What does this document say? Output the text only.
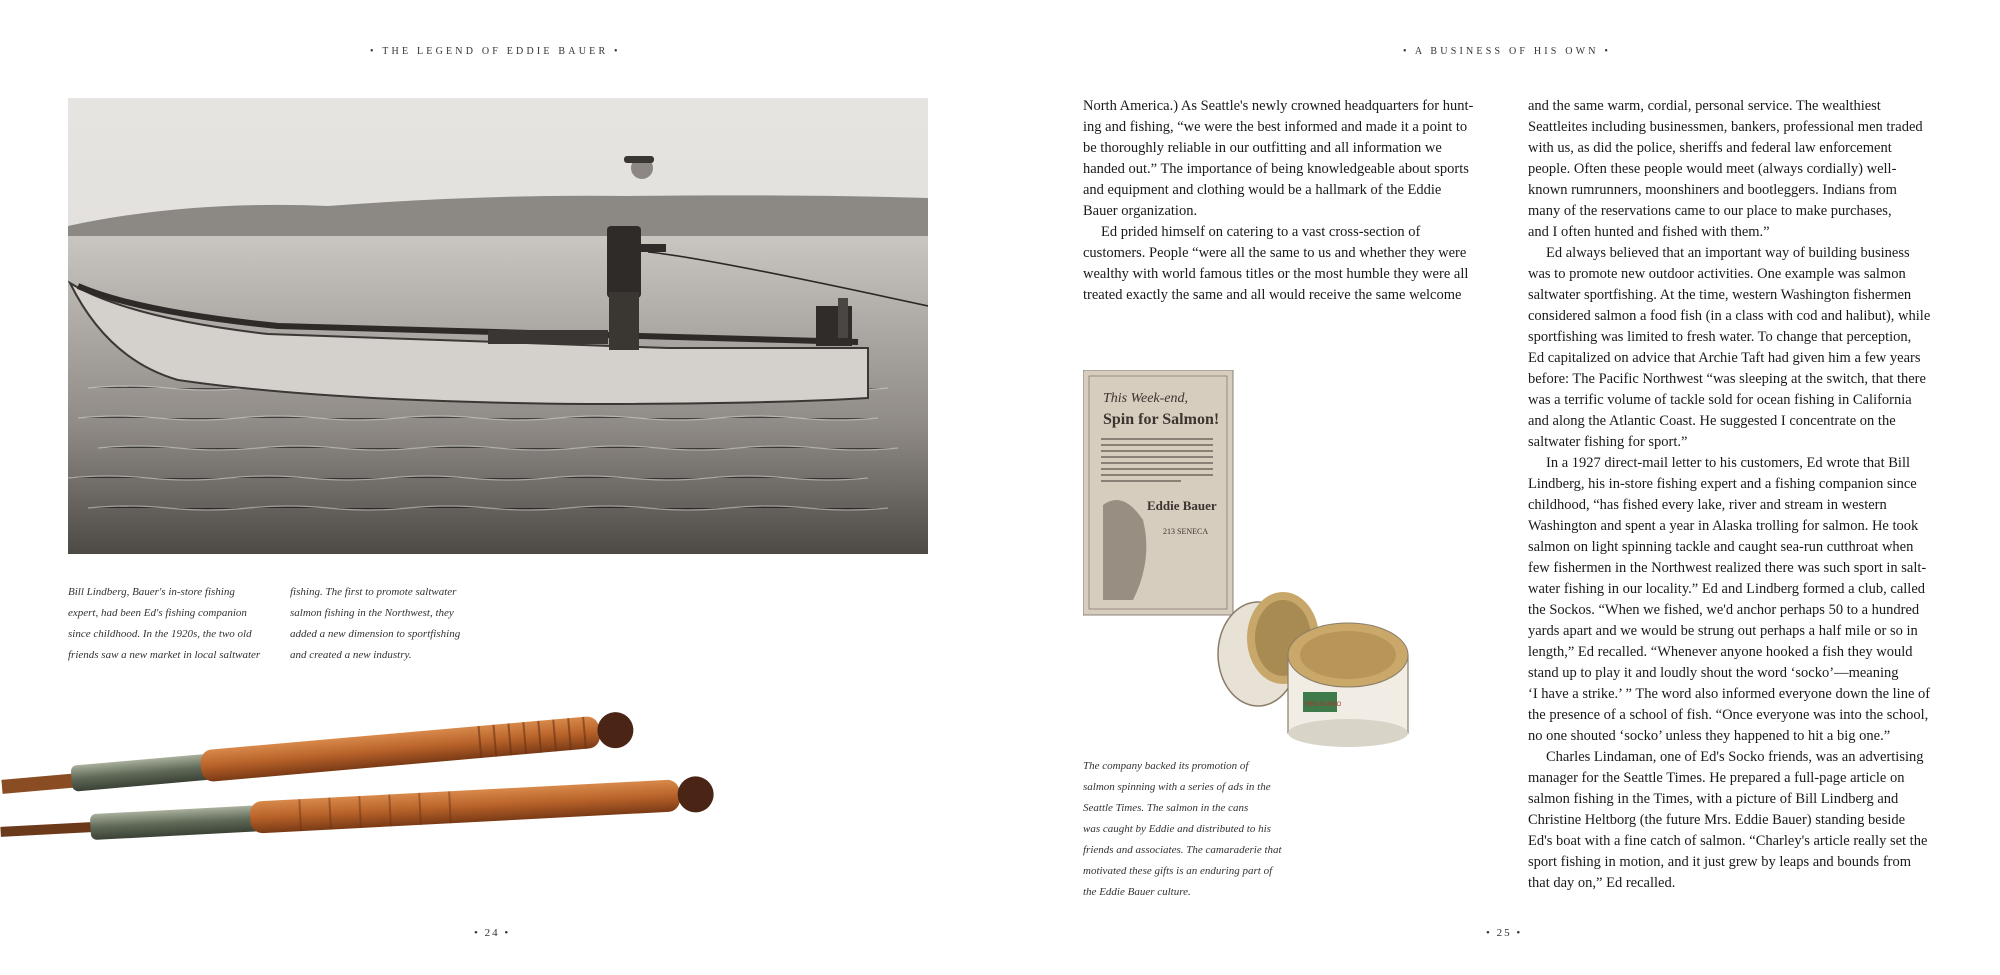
• THE LEGEND OF EDDIE BAUER •
Bill Lindberg, Bauer's in-store fishing
expert, had been Ed's fishing companion
since childhood. In the 1920s, the two old
friends saw a new market in local saltwater
fishing. The first to promote saltwater
salmon fishing in the Northwest, they
added a new dimension to sportfishing
and created a new industry.
• 24 •
• A BUSINESS OF HIS OWN •

North America.) As Seattle's newly crowned headquarters for hunt-
ing and fishing, “we were the best informed and made it a point to
be thoroughly reliable in our outfitting and all information we
handed out.” The importance of being knowledgeable about sports
and equipment and clothing would be a hallmark of the Eddie
Bauer organization.

Ed prided himself on catering to a vast cross-section of
customers. People “were all the same to us and whether they were
wealthy with world famous titles or the most humble they were all
treated exactly the same and all would receive the same welcome

This Week-end,
Spin for Salmon!
Eddie Bauer
213 SENECA
RED KUNGO
The company backed its promotion of
salmon spinning with a series of ads in the
Seattle Times. The salmon in the cans
was caught by Eddie and distributed to his
friends and associates. The camaraderie that
motivated these gifts is an enduring part of
the Eddie Bauer culture.

and the same warm, cordial, personal service. The wealthiest
Seattleites including businessmen, bankers, professional men traded
with us, as did the police, sheriffs and federal law enforcement
people. Often these people would meet (always cordially) well-
known rumrunners, moonshiners and bootleggers. Indians from
many of the reservations came to our place to make purchases,
and I often hunted and fished with them.”

Ed always believed that an important way of building business
was to promote new outdoor activities. One example was salmon
saltwater sportfishing. At the time, western Washington fishermen
considered salmon a food fish (in a class with cod and halibut), while
sportfishing was limited to fresh water. To change that perception,
Ed capitalized on advice that Archie Taft had given him a few years
before: The Pacific Northwest “was sleeping at the switch, that there
was a terrific volume of tackle sold for ocean fishing in California
and along the Atlantic Coast. He suggested I concentrate on the
saltwater fishing for sport.”

In a 1927 direct-mail letter to his customers, Ed wrote that Bill
Lindberg, his in-store fishing expert and a fishing companion since
childhood, “has fished every lake, river and stream in western
Washington and spent a year in Alaska trolling for salmon. He took
salmon on light spinning tackle and caught sea-run cutthroat when
few fishermen in the Northwest realized there was such sport in salt-
water fishing in our locality.” Ed and Lindberg formed a club, called
the Sockos. “When we fished, we'd anchor perhaps 50 to a hundred
yards apart and we would be strung out perhaps a half mile or so in
length,” Ed recalled. “Whenever anyone hooked a fish they would
stand up to play it and loudly shout the word ‘socko’—meaning
‘I have a strike.’ ” The word also informed everyone down the line of
the presence of a school of fish. “Once everyone was into the school,
no one shouted ‘socko’ unless they happened to hit a big one.”

Charles Lindaman, one of Ed's Socko friends, was an advertising
manager for the Seattle Times. He prepared a full-page article on
salmon fishing in the Times, with a picture of Bill Lindberg and
Christine Heltborg (the future Mrs. Eddie Bauer) standing beside
Ed's boat with a fine catch of salmon. “Charley's article really set the
sport fishing in motion, and it just grew by leaps and bounds from
that day on,” Ed recalled.

• 25 •
